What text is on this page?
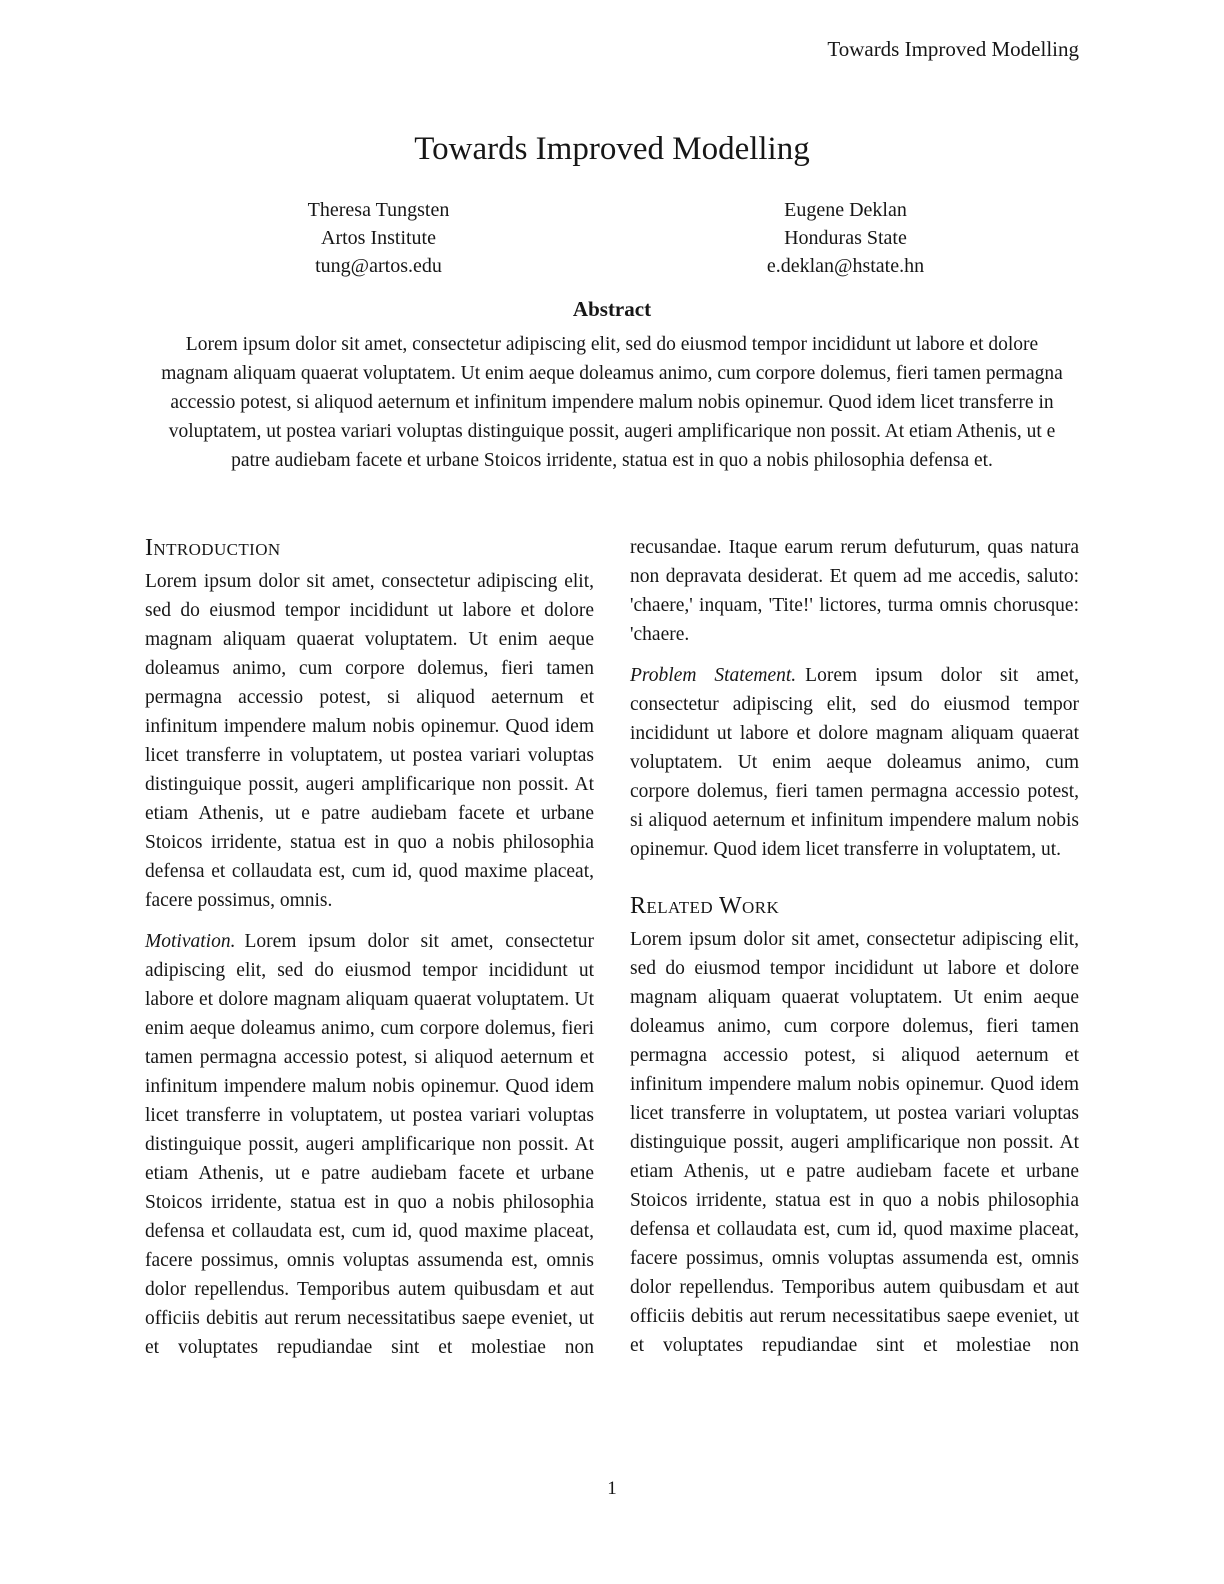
Towards Improved Modelling
Towards Improved Modelling
Theresa Tungsten
Artos Institute
tung@artos.edu
Eugene Deklan
Honduras State
e.deklan@hstate.hn
Abstract
Lorem ipsum dolor sit amet, consectetur adipiscing elit, sed do eiusmod tempor incididunt ut labore et dolore magnam aliquam quaerat voluptatem. Ut enim aeque doleamus animo, cum corpore dolemus, fieri tamen permagna accessio potest, si aliquod aeternum et infinitum impendere malum nobis opinemur. Quod idem licet transferre in voluptatem, ut postea variari voluptas distinguique possit, augeri amplificarique non possit. At etiam Athenis, ut e patre audiebam facete et urbane Stoicos irridente, statua est in quo a nobis philosophia defensa et.
Introduction

Lorem ipsum dolor sit amet, consectetur adipiscing elit, sed do eiusmod tempor incididunt ut labore et dolore magnam aliquam quaerat voluptatem. Ut enim aeque doleamus animo, cum corpore dolemus, fieri tamen permagna accessio potest, si aliquod aeternum et infinitum impendere malum nobis opinemur. Quod idem licet transferre in voluptatem, ut postea variari voluptas distinguique possit, augeri amplificarique non possit. At etiam Athenis, ut e patre audiebam facete et urbane Stoicos irridente, statua est in quo a nobis philosophia defensa et collaudata est, cum id, quod maxime placeat, facere possimus, omnis.

Motivation. Lorem ipsum dolor sit amet, consectetur adipiscing elit, sed do eiusmod tempor incididunt ut labore et dolore magnam aliquam quaerat voluptatem. Ut enim aeque doleamus animo, cum corpore dolemus, fieri tamen permagna accessio potest, si aliquod aeternum et infinitum impendere malum nobis opinemur. Quod idem licet transferre in voluptatem, ut postea variari voluptas distinguique possit, augeri amplificarique non possit. At etiam Athenis, ut e patre audiebam facete et urbane Stoicos irridente, statua est in quo a nobis philosophia defensa et collaudata est, cum id, quod maxime placeat, facere possimus, omnis voluptas assumenda est, omnis dolor repellendus. Temporibus autem quibusdam et aut officiis debitis aut rerum necessitatibus saepe eveniet, ut et voluptates repudiandae sint et molestiae non

recusandae. Itaque earum rerum defuturum, quas natura non depravata desiderat. Et quem ad me accedis, saluto: 'chaere,' inquam, 'Tite!' lictores, turma omnis chorusque: 'chaere.

Problem Statement. Lorem ipsum dolor sit amet, consectetur adipiscing elit, sed do eiusmod tempor incididunt ut labore et dolore magnam aliquam quaerat voluptatem. Ut enim aeque doleamus animo, cum corpore dolemus, fieri tamen permagna accessio potest, si aliquod aeternum et infinitum impendere malum nobis opinemur. Quod idem licet transferre in voluptatem, ut.

Related Work

Lorem ipsum dolor sit amet, consectetur adipiscing elit, sed do eiusmod tempor incididunt ut labore et dolore magnam aliquam quaerat voluptatem. Ut enim aeque doleamus animo, cum corpore dolemus, fieri tamen permagna accessio potest, si aliquod aeternum et infinitum impendere malum nobis opinemur. Quod idem licet transferre in voluptatem, ut postea variari voluptas distinguique possit, augeri amplificarique non possit. At etiam Athenis, ut e patre audiebam facete et urbane Stoicos irridente, statua est in quo a nobis philosophia defensa et collaudata est, cum id, quod maxime placeat, facere possimus, omnis voluptas assumenda est, omnis dolor repellendus. Temporibus autem quibusdam et aut officiis debitis aut rerum necessitatibus saepe eveniet, ut et voluptates repudiandae sint et molestiae non

1
